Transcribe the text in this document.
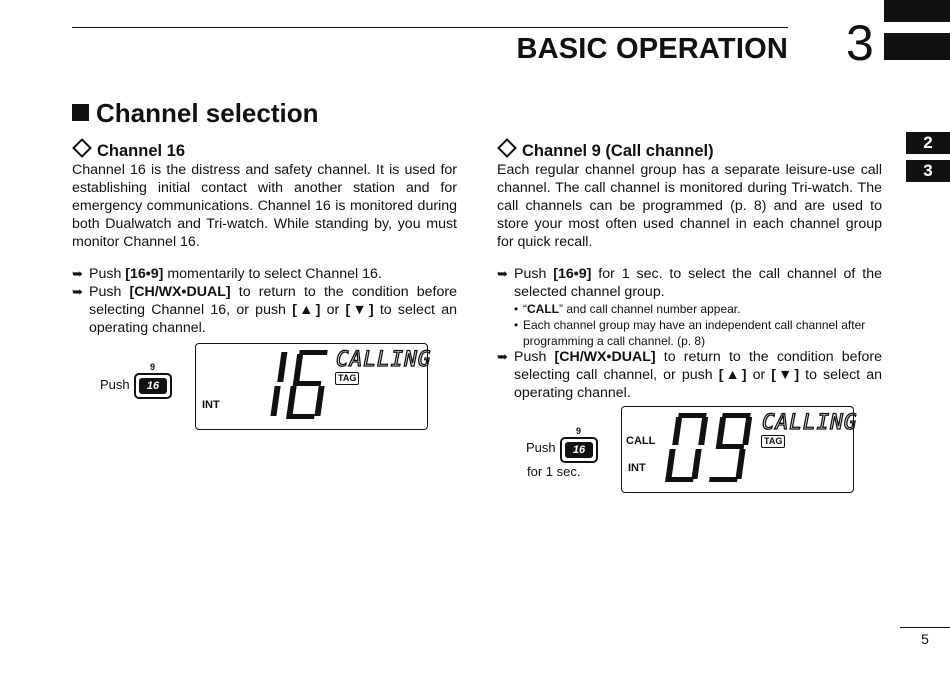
BASIC OPERATION 3
2
3
Channel selection
Channel 16
Channel 16 is the distress and safety channel. It is used for establishing initial contact with another station and for emergency communications. Channel 16 is monitored during both Dualwatch and Tri-watch. While standing by, you must monitor Channel 16.
➥ Push [16•9] momentarily to select Channel 16.
➥ Push [CH/WX•DUAL] to return to the condition before selecting Channel 16, or push [▲] or [▼] to select an operating channel.
Push
9
16
INT
CALLING
TAG
Channel 9 (Call channel)
Each regular channel group has a separate leisure-use call channel. The call channel is monitored during Tri-watch. The call channels can be programmed (p. 8) and are used to store your most often used channel in each channel group for quick recall.
➥ Push [16•9] for 1 sec. to select the call channel of the selected channel group.
• “CALL” and call channel number appear.
• Each channel group may have an independent call channel after programming a call channel. (p. 8)
➥ Push [CH/WX•DUAL] to return to the condition before selecting call channel, or push [▲] or [▼] to select an operating channel.
Push
9
16
for 1 sec.
CALL
INT
CALLING
TAG
5
